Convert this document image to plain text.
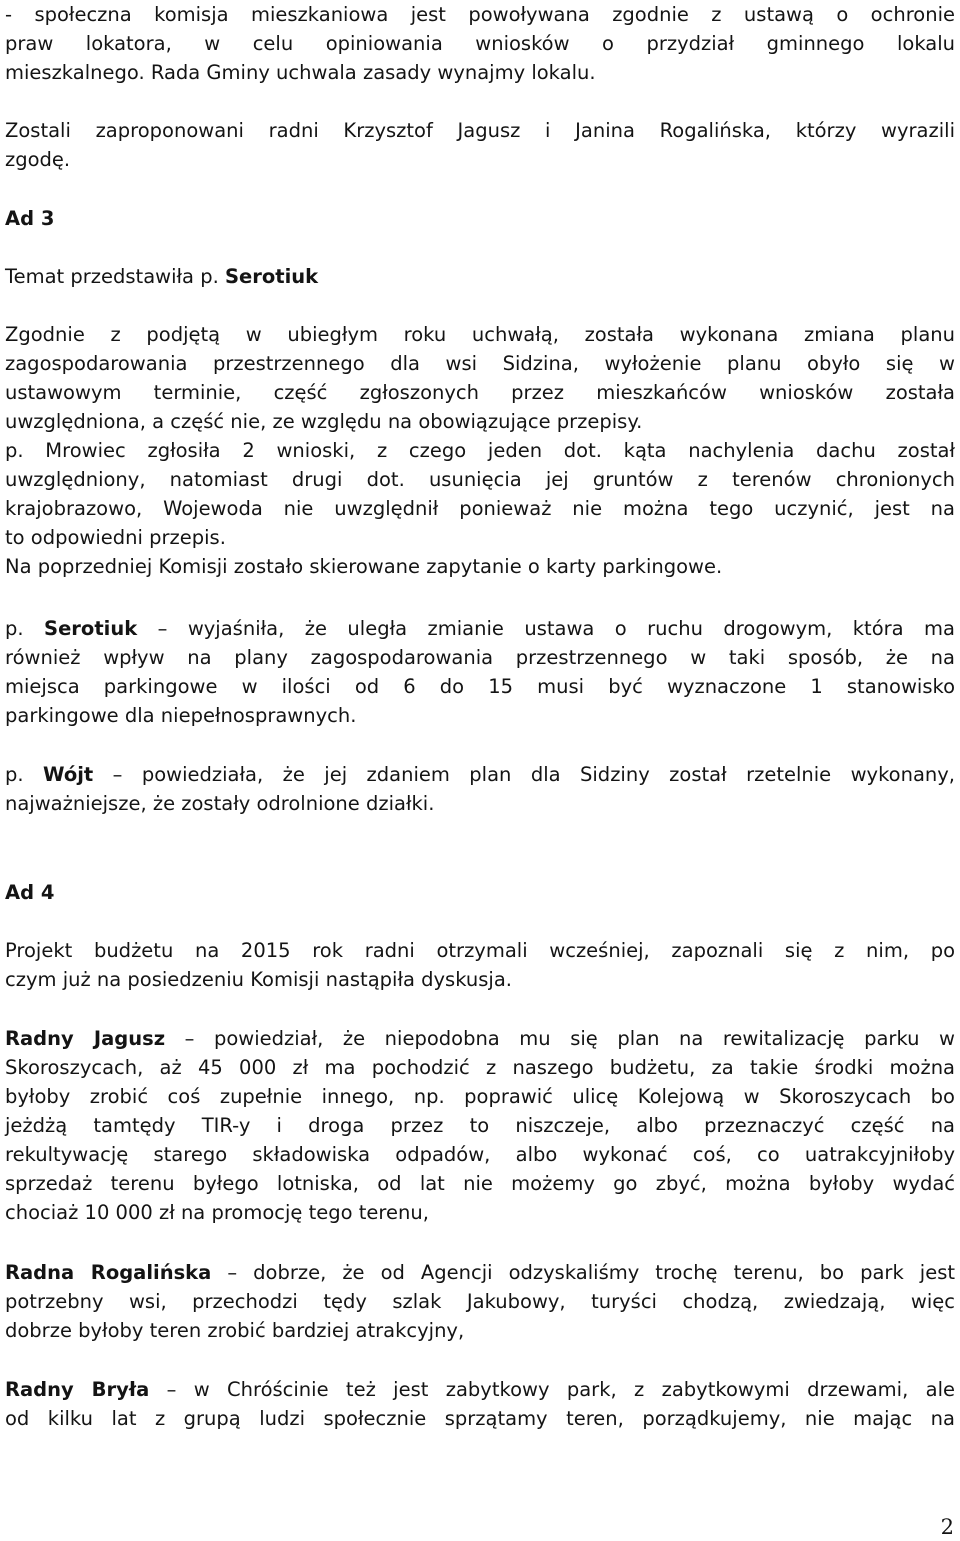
- społeczna komisja mieszkaniowa jest powoływana zgodnie z ustawą o ochronie
praw lokatora, w celu opiniowania wniosków o przydział gminnego lokalu
mieszkalnego. Rada Gminy uchwala zasady wynajmy lokalu.
Zostali zaproponowani radni Krzysztof Jagusz i Janina Rogalińska, którzy wyrazili
zgodę.
Ad 3
Temat przedstawiła p. Serotiuk
Zgodnie z podjętą w ubiegłym roku uchwałą, została wykonana zmiana planu
zagospodarowania przestrzennego dla wsi Sidzina, wyłożenie planu obyło się w
ustawowym terminie, część zgłoszonych przez mieszkańców wniosków została
uwzględniona, a część nie, ze względu na obowiązujące przepisy.
p. Mrowiec zgłosiła 2 wnioski, z czego jeden dot. kąta nachylenia dachu został
uwzględniony, natomiast drugi dot. usunięcia jej gruntów z terenów chronionych
krajobrazowo, Wojewoda nie uwzględnił ponieważ nie można tego uczynić, jest na
to odpowiedni przepis.
Na poprzedniej Komisji zostało skierowane zapytanie o karty parkingowe.
p. Serotiuk – wyjaśniła, że uległa zmianie ustawa o ruchu drogowym, która ma
również wpływ na plany zagospodarowania przestrzennego w taki sposób, że na
miejsca parkingowe w ilości od 6 do 15 musi być wyznaczone 1 stanowisko
parkingowe dla niepełnosprawnych.
p. Wójt – powiedziała, że jej zdaniem plan dla Sidziny został rzetelnie wykonany,
najważniejsze, że zostały odrolnione działki.
Ad 4
Projekt budżetu na 2015 rok radni otrzymali wcześniej, zapoznali się z nim, po
czym już na posiedzeniu Komisji nastąpiła dyskusja.
Radny Jagusz – powiedział, że niepodobna mu się plan na rewitalizację parku w
Skoroszycach, aż 45 000 zł ma pochodzić z naszego budżetu, za takie środki można
byłoby zrobić coś zupełnie innego, np. poprawić ulicę Kolejową w Skoroszycach bo
jeżdżą tamtędy TIR-y i droga przez to niszczeje, albo przeznaczyć część na
rekultywację starego składowiska odpadów, albo wykonać coś, co uatrakcyjniłoby
sprzedaż terenu byłego lotniska, od lat nie możemy go zbyć, można byłoby wydać
chociaż 10 000 zł na promocję tego terenu,
Radna Rogalińska – dobrze, że od Agencji odzyskaliśmy trochę terenu, bo park jest
potrzebny wsi, przechodzi tędy szlak Jakubowy, turyści chodzą, zwiedzają, więc
dobrze byłoby teren zrobić bardziej atrakcyjny,
Radny Bryła – w Chróścinie też jest zabytkowy park, z zabytkowymi drzewami, ale
od kilku lat z grupą ludzi społecznie sprzątamy teren, porządkujemy, nie mając na
2
